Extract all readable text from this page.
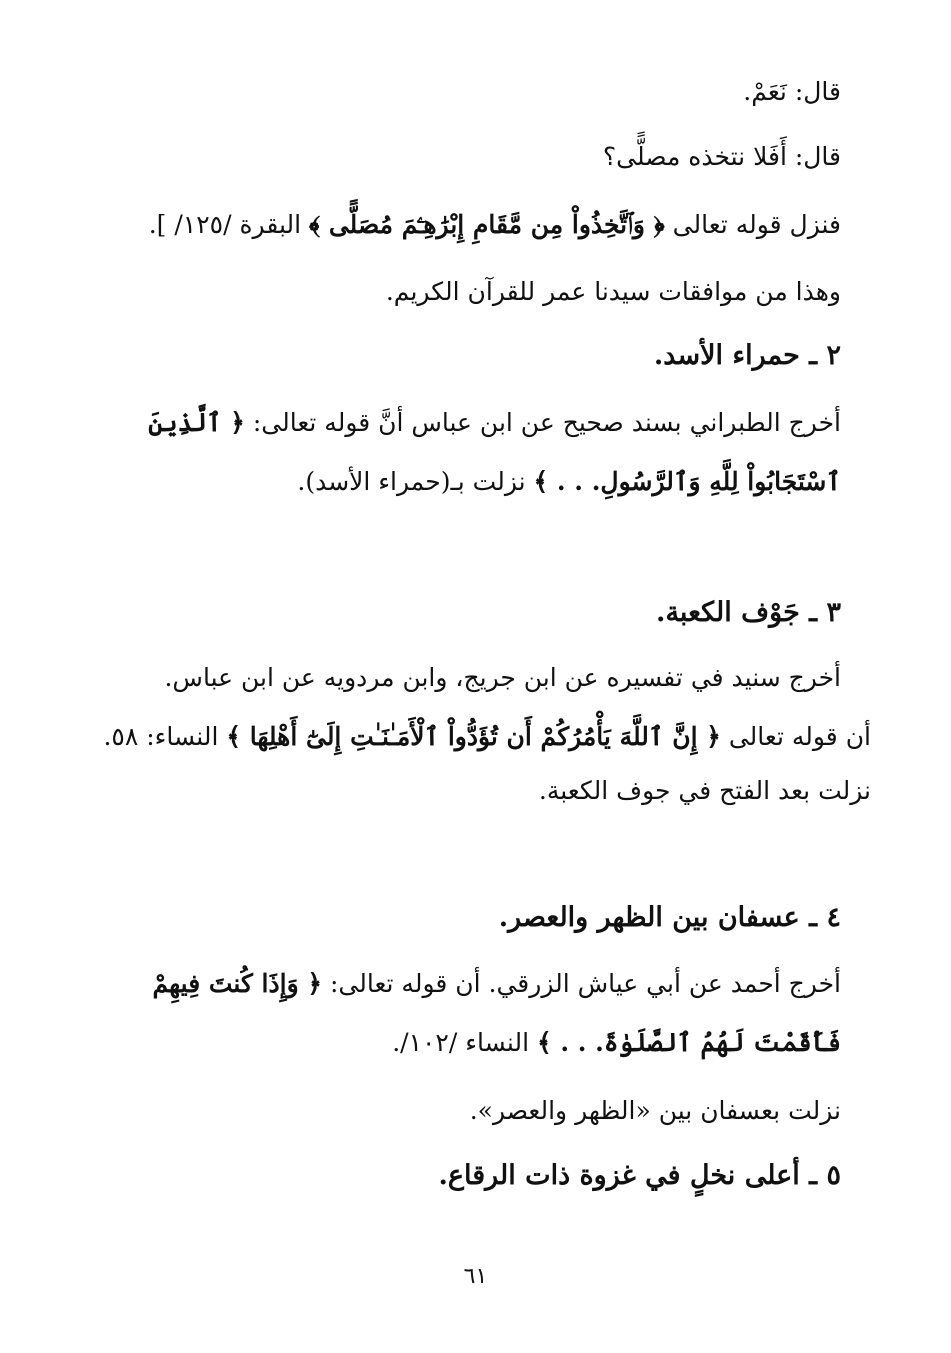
قال: نَعَمْ.
قال: أَفَلا نتخذه مصلًّى؟
فنزل قوله تعالى ﴿ وَٱتَّخِذُواْ مِن مَّقَامِ إِبْرَٰهِـۧمَ مُصَلًّى ﴾ البقرة /١٢٥/ ].
وهذا من موافقات سيدنا عمر للقرآن الكريم.
٢ ـ حمراء الأسد.
أخرج الطبراني بسند صحيح عن ابن عباس أنَّ قوله تعالى: ﴿ ٱلَّذِينَ
ٱسْتَجَابُواْ لِلَّهِ وَٱلرَّسُولِ. . . ﴾ نزلت بـ(حمراء الأسد).
٣ ـ جَوْف الكعبة.
أخرج سنيد في تفسيره عن ابن جريج، وابن مردويه عن ابن عباس.
أن قوله تعالى ﴿ إِنَّ ٱللَّهَ يَأْمُرُكُمْ أَن تُؤَدُّواْ ٱلْأَمَـٰنَـٰتِ إِلَىٰٓ أَهْلِهَا ﴾ النساء: ٥٨.
نزلت بعد الفتح في جوف الكعبة.
٤ ـ عسفان بين الظهر والعصر.
أخرج أحمد عن أبي عياش الزرقي. أن قوله تعالى: ﴿ وَإِذَا كُنتَ فِيهِمْ
فَأَقَمْتَ لَهُمُ ٱلصَّلَوٰةَ. . . ﴾ النساء /١٠٢/.
نزلت بعسفان بين «الظهر والعصر».
٥ ـ أعلى نخلٍ في غزوة ذات الرقاع.
٦١
